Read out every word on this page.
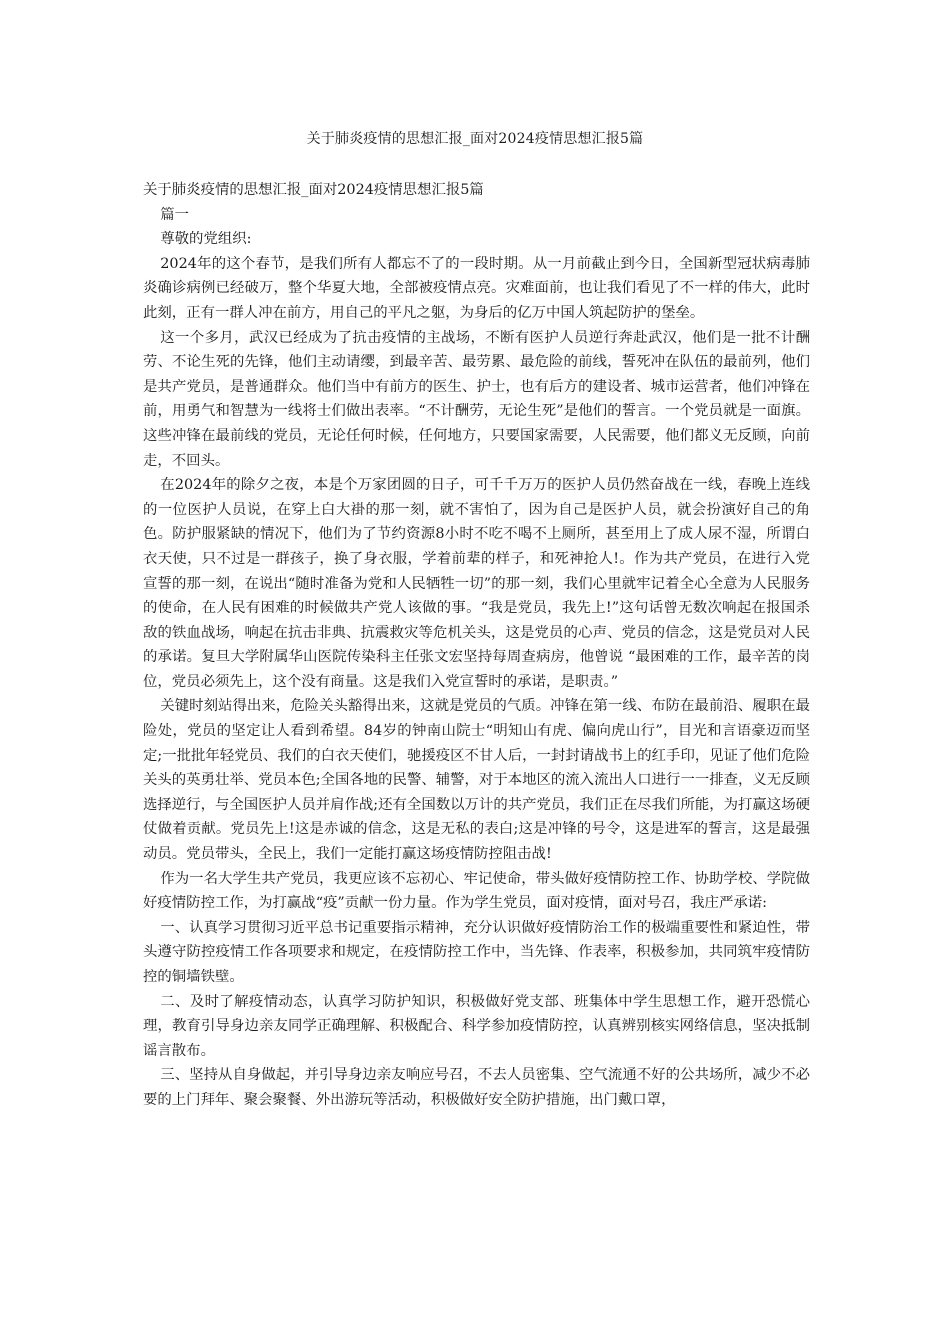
关于肺炎疫情的思想汇报_面对2024疫情思想汇报5篇

关于肺炎疫情的思想汇报_面对2024疫情思想汇报5篇

篇一

尊敬的党组织:

2024年的这个春节，是我们所有人都忘不了的一段时期。从一月前截止到今日，全国新型冠状病毒肺炎确诊病例已经破万，整个华夏大地，全部被疫情点亮。灾难面前，也让我们看见了不一样的伟大，此时此刻，正有一群人冲在前方，用自己的平凡之躯，为身后的亿万中国人筑起防护的堡垒。

这一个多月，武汉已经成为了抗击疫情的主战场，不断有医护人员逆行奔赴武汉，他们是一批不计酬劳、不论生死的先锋，他们主动请缨，到最辛苦、最劳累、最危险的前线，誓死冲在队伍的最前列，他们是共产党员，是普通群众。他们当中有前方的医生、护士，也有后方的建设者、城市运营者，他们冲锋在前，用勇气和智慧为一线将士们做出表率。“不计酬劳，无论生死”是他们的誓言。一个党员就是一面旗。这些冲锋在最前线的党员，无论任何时候，任何地方，只要国家需要，人民需要，他们都义无反顾，向前走，不回头。

在2024年的除夕之夜，本是个万家团圆的日子，可千千万万的医护人员仍然奋战在一线，春晚上连线的一位医护人员说，在穿上白大褂的那一刻，就不害怕了，因为自己是医护人员，就会扮演好自己的角色。防护服紧缺的情况下，他们为了节约资源8小时不吃不喝不上厕所，甚至用上了成人尿不湿，所谓白衣天使，只不过是一群孩子，换了身衣服，学着前辈的样子，和死神抢人!。作为共产党员，在进行入党宣誓的那一刻，在说出“随时准备为党和人民牺牲一切”的那一刻，我们心里就牢记着全心全意为人民服务的使命，在人民有困难的时候做共产党人该做的事。“我是党员，我先上!”这句话曾无数次响起在报国杀敌的铁血战场，响起在抗击非典、抗震救灾等危机关头，这是党员的心声、党员的信念，这是党员对人民的承诺。复旦大学附属华山医院传染科主任张文宏坚持每周查病房，他曾说 “最困难的工作，最辛苦的岗位，党员必须先上，这个没有商量。这是我们入党宣誓时的承诺，是职责。”

关键时刻站得出来，危险关头豁得出来，这就是党员的气质。冲锋在第一线、布防在最前沿、履职在最险处，党员的坚定让人看到希望。84岁的钟南山院士“明知山有虎、偏向虎山行”，目光和言语豪迈而坚定;一批批年轻党员、我们的白衣天使们，驰援疫区不甘人后，一封封请战书上的红手印，见证了他们危险关头的英勇壮举、党员本色;全国各地的民警、辅警，对于本地区的流入流出人口进行一一排查，义无反顾选择逆行，与全国医护人员并肩作战;还有全国数以万计的共产党员，我们正在尽我们所能，为打赢这场硬仗做着贡献。党员先上!这是赤诚的信念，这是无私的表白;这是冲锋的号令，这是进军的誓言，这是最强动员。党员带头，全民上，我们一定能打赢这场疫情防控阻击战!

作为一名大学生共产党员，我更应该不忘初心、牢记使命，带头做好疫情防控工作、协助学校、学院做好疫情防控工作，为打赢战“疫”贡献一份力量。作为学生党员，面对疫情，面对号召，我庄严承诺:

一、认真学习贯彻习近平总书记重要指示精神，充分认识做好疫情防治工作的极端重要性和紧迫性，带头遵守防控疫情工作各项要求和规定，在疫情防控工作中，当先锋、作表率，积极参加，共同筑牢疫情防控的铜墙铁壁。

二、及时了解疫情动态，认真学习防护知识，积极做好党支部、班集体中学生思想工作，避开恐慌心理，教育引导身边亲友同学正确理解、积极配合、科学参加疫情防控，认真辨别核实网络信息，坚决抵制谣言散布。

三、坚持从自身做起，并引导身边亲友响应号召，不去人员密集、空气流通不好的公共场所，减少不必要的上门拜年、聚会聚餐、外出游玩等活动，积极做好安全防护措施，出门戴口罩，
